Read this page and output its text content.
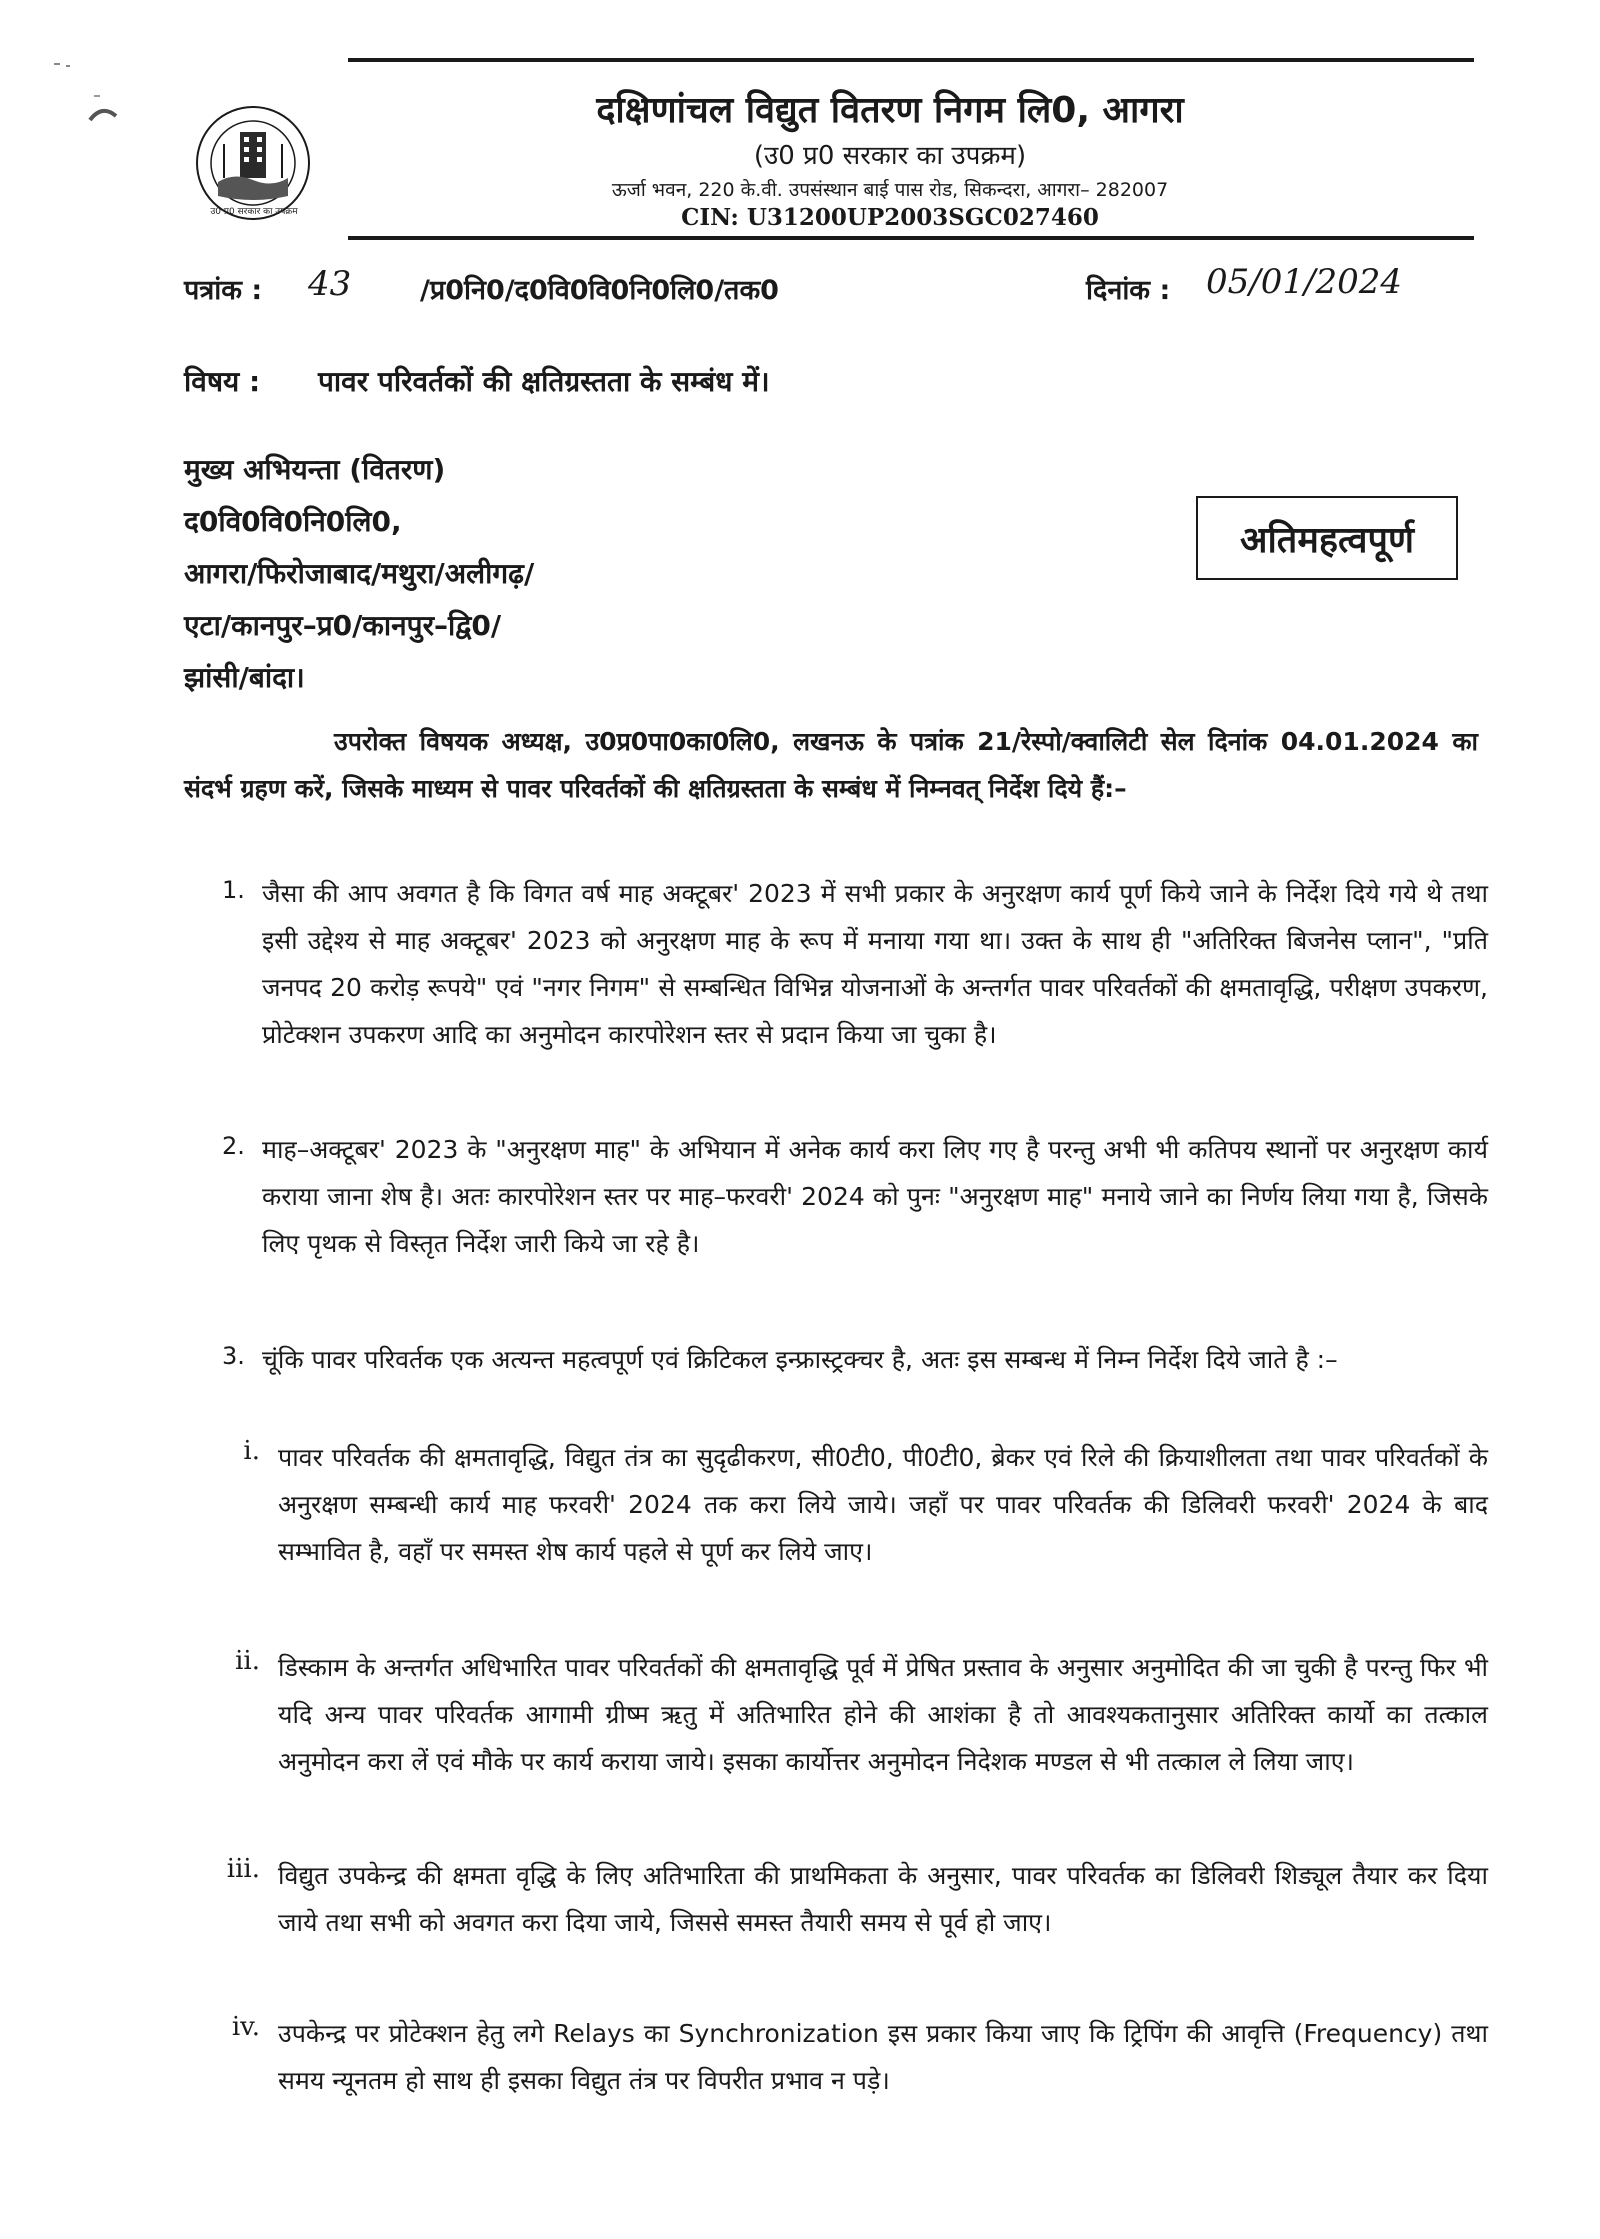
उ0 प्र0 सरकार का उपक्रम
दक्षिणांचल विद्युत वितरण निगम लि0, आगरा
(उ0 प्र0 सरकार का उपक्रम)
ऊर्जा भवन, 220 के.वी. उपसंस्थान बाई पास रोड, सिकन्दरा, आगरा– 282007
CIN: U31200UP2003SGC027460
पत्रांक : 43	/प्र0नि0/द0वि0वि0नि0लि0/तक0	दिनांक : 05/01/2024
विषय : पावर परिवर्तकों की क्षतिग्रस्तता के सम्बंध में।
मुख्य अभियन्ता (वितरण)
द0वि0वि0नि0लि0,
आगरा/फिरोजाबाद/मथुरा/अलीगढ़/
एटा/कानपुर–प्र0/कानपुर–द्वि0/
झांसी/बांदा।
अतिमहत्वपूर्ण
उपरोक्त विषयक अध्यक्ष, उ0प्र0पा0का0लि0, लखनऊ के पत्रांक 21/रेस्पो/क्वालिटी सेल दिनांक 04.01.2024 का संदर्भ ग्रहण करें, जिसके माध्यम से पावर परिवर्तकों की क्षतिग्रस्तता के सम्बंध में निम्नवत् निर्देश दिये हैं:–
1. जैसा की आप अवगत है कि विगत वर्ष माह अक्टूबर' 2023 में सभी प्रकार के अनुरक्षण कार्य पूर्ण किये जाने के निर्देश दिये गये थे तथा इसी उद्देश्य से माह अक्टूबर' 2023 को अनुरक्षण माह के रूप में मनाया गया था। उक्त के साथ ही "अतिरिक्त बिजनेस प्लान", "प्रति जनपद 20 करोड़ रूपये" एवं "नगर निगम" से सम्बन्धित विभिन्न योजनाओं के अन्तर्गत पावर परिवर्तकों की क्षमतावृद्धि, परीक्षण उपकरण, प्रोटेक्शन उपकरण आदि का अनुमोदन कारपोरेशन स्तर से प्रदान किया जा चुका है।
2. माह–अक्टूबर' 2023 के "अनुरक्षण माह" के अभियान में अनेक कार्य करा लिए गए है परन्तु अभी भी कतिपय स्थानों पर अनुरक्षण कार्य कराया जाना शेष है। अतः कारपोरेशन स्तर पर माह–फरवरी' 2024 को पुनः "अनुरक्षण माह" मनाये जाने का निर्णय लिया गया है, जिसके लिए पृथक से विस्तृत निर्देश जारी किये जा रहे है।
3. चूंकि पावर परिवर्तक एक अत्यन्त महत्वपूर्ण एवं क्रिटिकल इन्फ्रास्ट्रक्चर है, अतः इस सम्बन्ध में निम्न निर्देश दिये जाते है :–
i. पावर परिवर्तक की क्षमतावृद्धि, विद्युत तंत्र का सुदृढीकरण, सी0टी0, पी0टी0, ब्रेकर एवं रिले की क्रियाशीलता तथा पावर परिवर्तकों के अनुरक्षण सम्बन्धी कार्य माह फरवरी' 2024 तक करा लिये जाये। जहाँ पर पावर परिवर्तक की डिलिवरी फरवरी' 2024 के बाद सम्भावित है, वहाँ पर समस्त शेष कार्य पहले से पूर्ण कर लिये जाए।
ii. डिस्काम के अन्तर्गत अधिभारित पावर परिवर्तकों की क्षमतावृद्धि पूर्व में प्रेषित प्रस्ताव के अनुसार अनुमोदित की जा चुकी है परन्तु फिर भी यदि अन्य पावर परिवर्तक आगामी ग्रीष्म ऋतु में अतिभारित होने की आशंका है तो आवश्यकतानुसार अतिरिक्त कार्यो का तत्काल अनुमोदन करा लें एवं मौके पर कार्य कराया जाये। इसका कार्योत्तर अनुमोदन निदेशक मण्डल से भी तत्काल ले लिया जाए।
iii. विद्युत उपकेन्द्र की क्षमता वृद्धि के लिए अतिभारिता की प्राथमिकता के अनुसार, पावर परिवर्तक का डिलिवरी शिड्यूल तैयार कर दिया जाये तथा सभी को अवगत करा दिया जाये, जिससे समस्त तैयारी समय से पूर्व हो जाए।
iv. उपकेन्द्र पर प्रोटेक्शन हेतु लगे Relays का Synchronization इस प्रकार किया जाए कि ट्रिपिंग की आवृत्ति (Frequency) तथा समय न्यूनतम हो साथ ही इसका विद्युत तंत्र पर विपरीत प्रभाव न पड़े।
